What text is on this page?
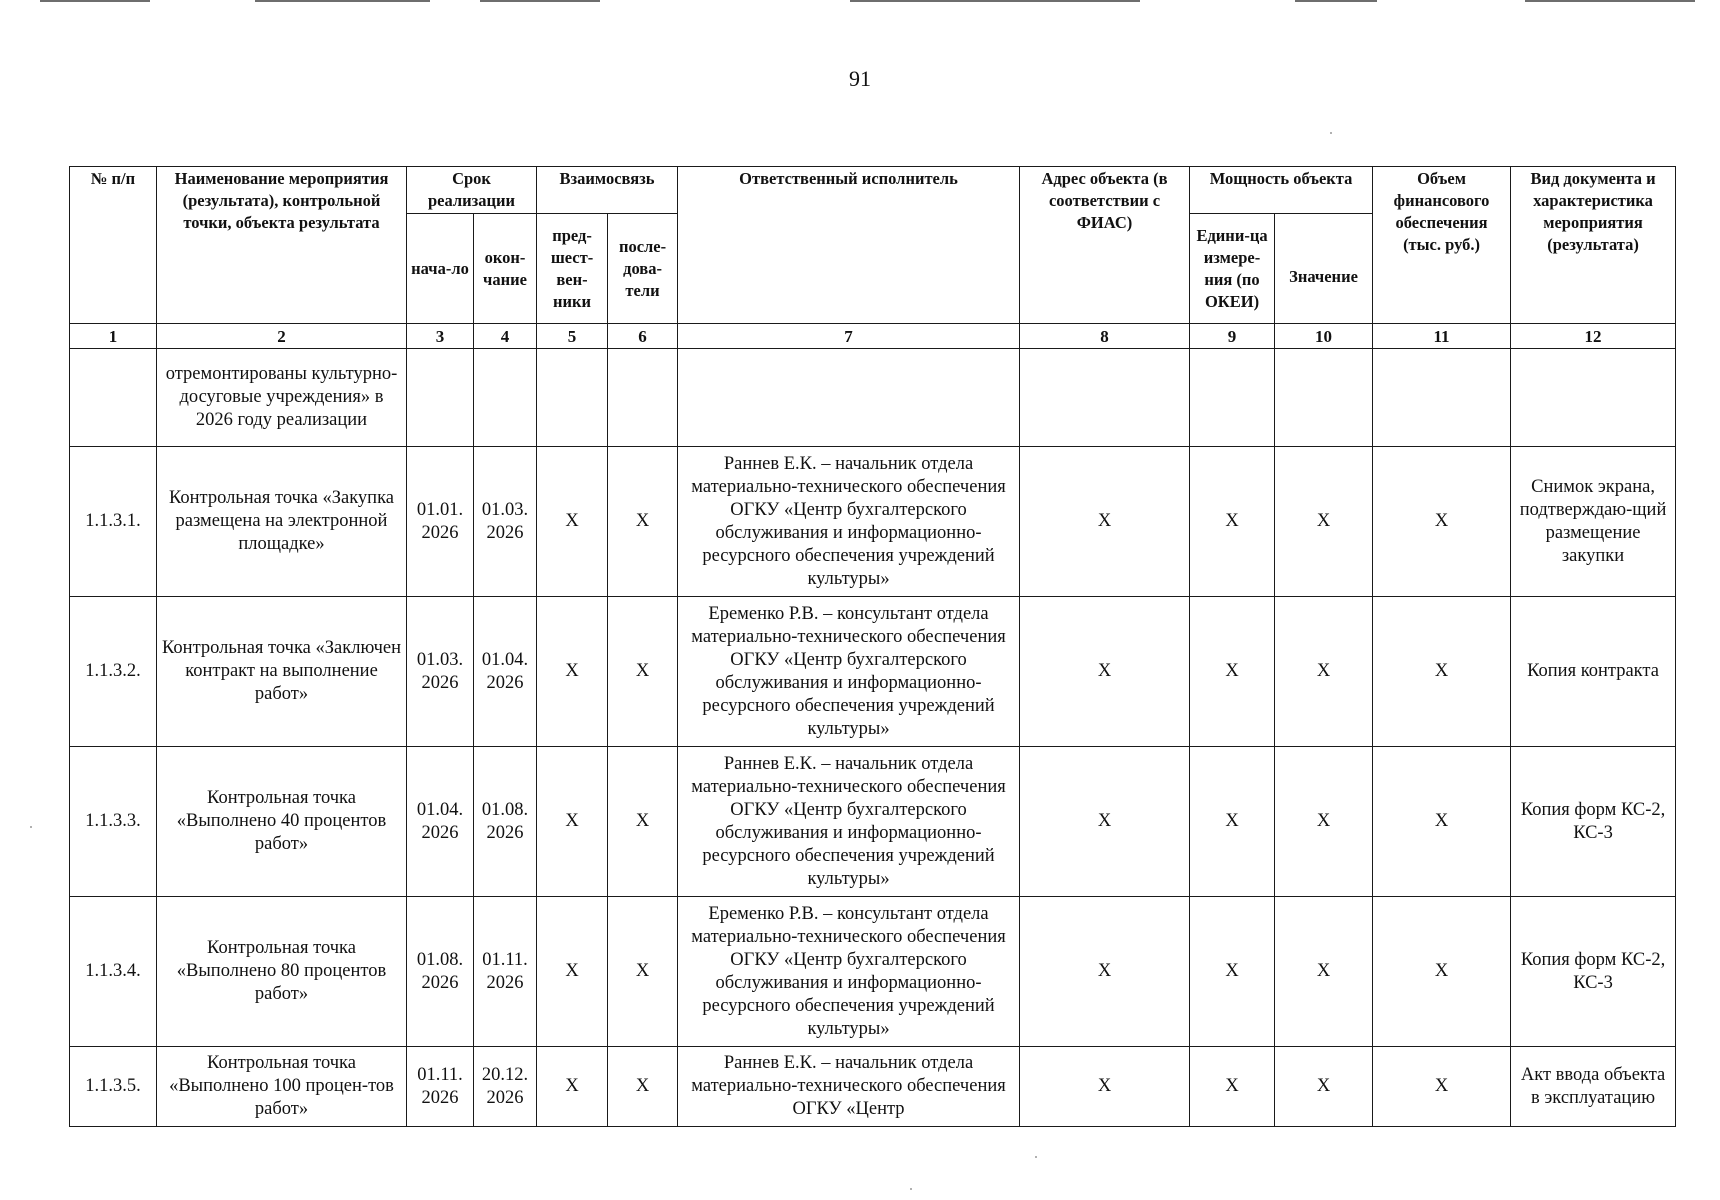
91
№ п/п	Наименование мероприятия (результата), контрольной точки, объекта результата	Срок реализации		Взаимосвязь		Ответственный исполнитель	Адрес объекта (в соответствии с ФИАС)	Мощность объекта		Объем финансового обеспечения (тыс. руб.)	Вид документа и характеристика мероприятия (результата)
		нача-ло	окон-чание	пред-шест-вен-ники	после-дова-тели			Едини-ца измере-ния (по ОКЕИ)	Значение		
1	2	3	4	5	6	7	8	9	10	11	12
	отремонтированы культурно-досуговые учреждения» в 2026 году реализации										
1.1.3.1.	Контрольная точка «Закупка размещена на электронной площадке»	01.01. 2026	01.03. 2026	X	X	Раннев Е.К. – начальник отдела материально-технического обеспечения ОГКУ «Центр бухгалтерского обслуживания и информационно-ресурсного обеспечения учреждений культуры»	X	X	X	X	Снимок экрана, подтверждаю-щий размещение закупки
1.1.3.2.	Контрольная точка «Заключен контракт на выполнение работ»	01.03. 2026	01.04. 2026	X	X	Еременко Р.В. – консультант отдела материально-технического обеспечения ОГКУ «Центр бухгалтерского обслуживания и информационно-ресурсного обеспечения учреждений культуры»	X	X	X	X	Копия контракта
1.1.3.3.	Контрольная точка «Выполнено 40 процентов работ»	01.04. 2026	01.08. 2026	X	X	Раннев Е.К. – начальник отдела материально-технического обеспечения ОГКУ «Центр бухгалтерского обслуживания и информационно-ресурсного обеспечения учреждений культуры»	X	X	X	X	Копия форм КС-2, КС-3
1.1.3.4.	Контрольная точка «Выполнено 80 процентов работ»	01.08. 2026	01.11. 2026	X	X	Еременко Р.В. – консультант отдела материально-технического обеспечения ОГКУ «Центр бухгалтерского обслуживания и информационно-ресурсного обеспечения учреждений культуры»	X	X	X	X	Копия форм КС-2, КС-3
1.1.3.5.	Контрольная точка «Выполнено 100 процен-тов работ»	01.11. 2026	20.12. 2026	X	X	Раннев Е.К. – начальник отдела материально-технического обеспечения ОГКУ «Центр	X	X	X	X	Акт ввода объекта в эксплуатацию
